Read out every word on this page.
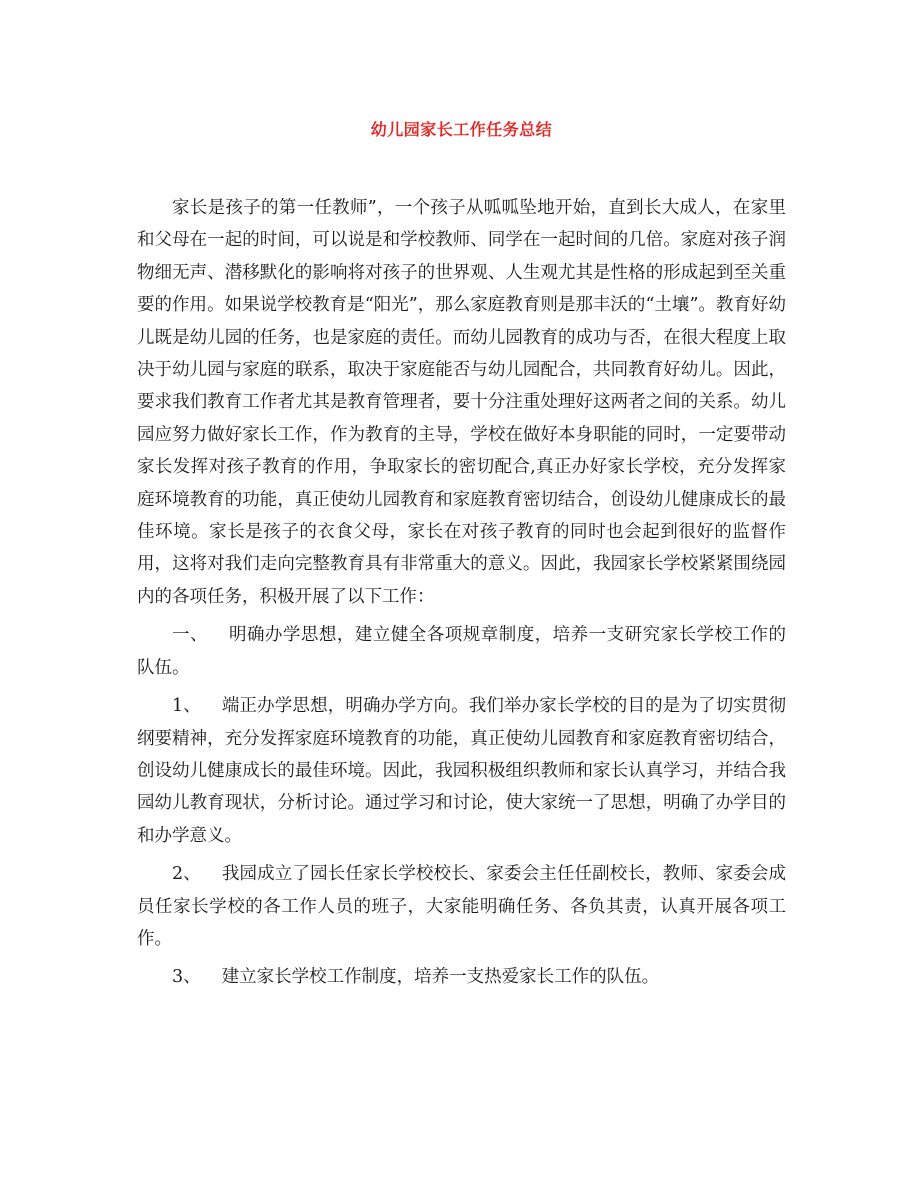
幼儿园家长工作任务总结

家长是孩子的第一任教师”，一个孩子从呱呱坠地开始，直到长大成人，在家里和父母在一起的时间，可以说是和学校教师、同学在一起时间的几倍。家庭对孩子润物细无声、潜移默化的影响将对孩子的世界观、人生观尤其是性格的形成起到至关重要的作用。如果说学校教育是“阳光”，那么家庭教育则是那丰沃的“土壤”。教育好幼儿既是幼儿园的任务，也是家庭的责任。而幼儿园教育的成功与否，在很大程度上取决于幼儿园与家庭的联系，取决于家庭能否与幼儿园配合，共同教育好幼儿。因此，要求我们教育工作者尤其是教育管理者，要十分注重处理好这两者之间的关系。幼儿园应努力做好家长工作，作为教育的主导，学校在做好本身职能的同时，一定要带动家长发挥对孩子教育的作用，争取家长的密切配合,真正办好家长学校，充分发挥家庭环境教育的功能，真正使幼儿园教育和家庭教育密切结合，创设幼儿健康成长的最佳环境。家长是孩子的衣食父母，家长在对孩子教育的同时也会起到很好的监督作用，这将对我们走向完整教育具有非常重大的意义。因此，我园家长学校紧紧围绕园内的各项任务，积极开展了以下工作：

一、 明确办学思想，建立健全各项规章制度，培养一支研究家长学校工作的队伍。

1、 端正办学思想，明确办学方向。我们举办家长学校的目的是为了切实贯彻纲要精神，充分发挥家庭环境教育的功能，真正使幼儿园教育和家庭教育密切结合，创设幼儿健康成长的最佳环境。因此，我园积极组织教师和家长认真学习，并结合我园幼儿教育现状，分析讨论。通过学习和讨论，使大家统一了思想，明确了办学目的和办学意义。

2、 我园成立了园长任家长学校校长、家委会主任任副校长，教师、家委会成员任家长学校的各工作人员的班子，大家能明确任务、各负其责，认真开展各项工作。

3、 建立家长学校工作制度，培养一支热爱家长工作的队伍。
